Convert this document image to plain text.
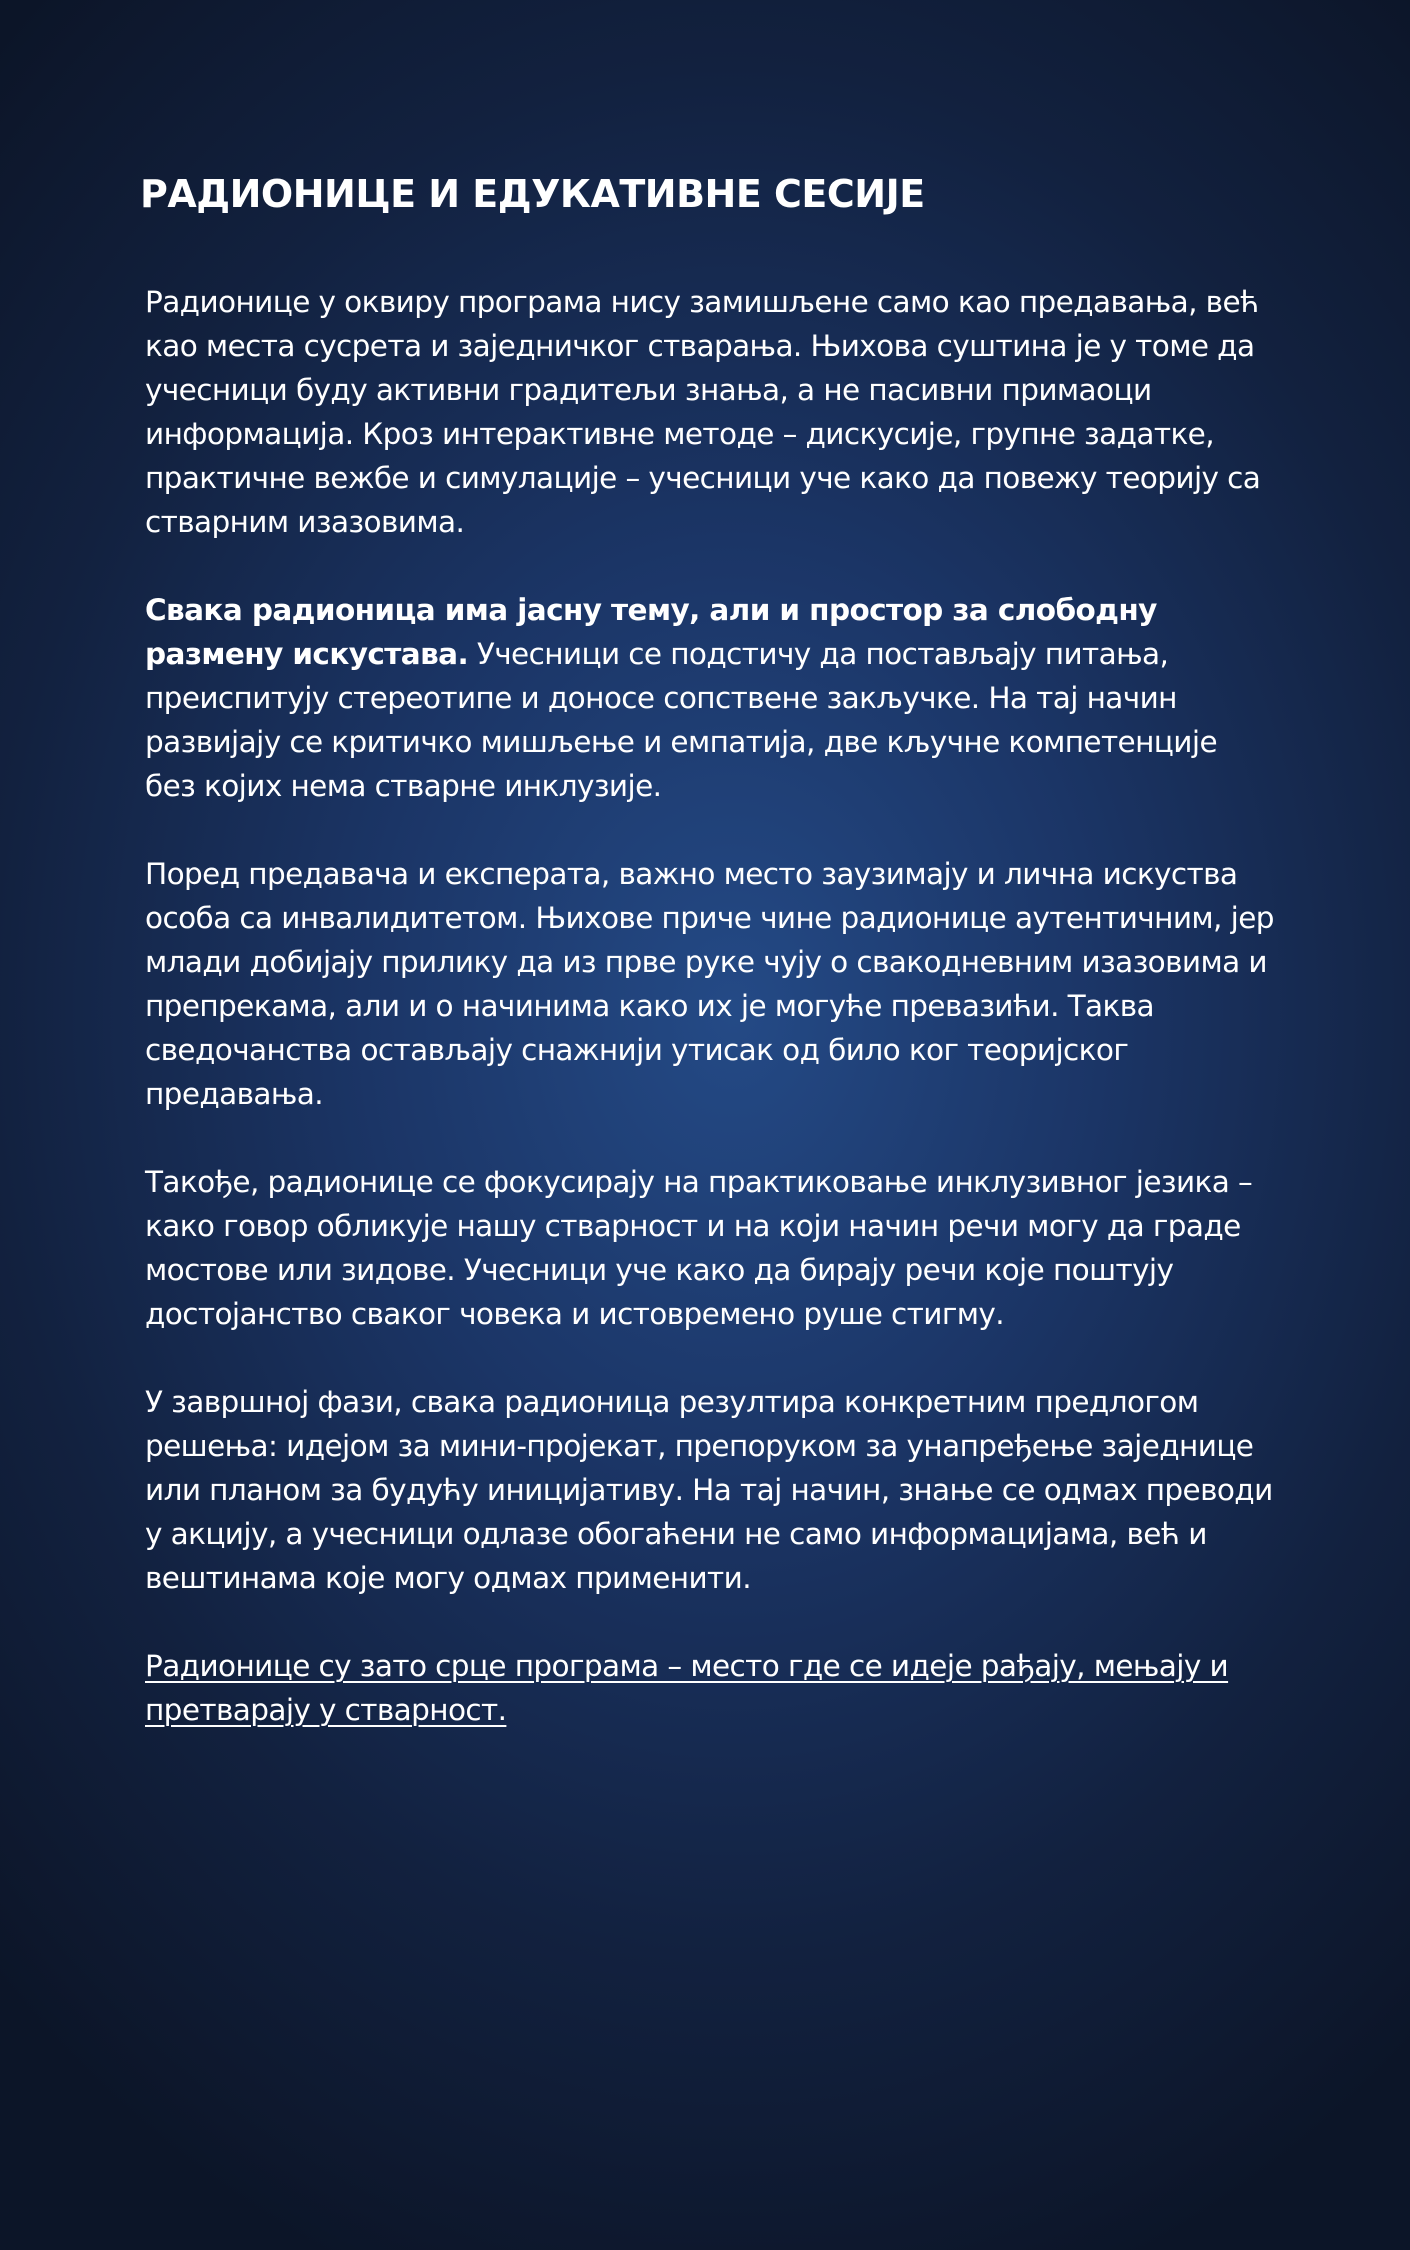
РАДИОНИЦЕ И ЕДУКАТИВНЕ СЕСИЈЕ

Радионице у оквиру програма нису замишљене само као предавања, већ као места сусрета и заједничког стварања. Њихова суштина је у томе да учесници буду активни градитељи знања, а не пасивни примаоци информација. Кроз интерактивне методе – дискусије, групне задатке, практичне вежбе и симулације – учесници уче како да повежу теорију са стварним изазовима.

Свака радионица има јасну тему, али и простор за слободну размену искустава. Учесници се подстичу да постављају питања, преиспитују стереотипе и доносе сопствене закључке. На тај начин развијају се критичко мишљење и емпатија, две кључне компетенције без којих нема стварне инклузије.

Поред предавача и експерата, важно место заузимају и лична искуства особа са инвалидитетом. Њихове приче чине радионице аутентичним, јер млади добијају прилику да из прве руке чују о свакодневним изазовима и препрекама, али и о начинима како их је могуће превазићи. Таква сведочанства остављају снажнији утисак од било ког теоријског предавања.

Такође, радионице се фокусирају на практиковање инклузивног језика – како говор обликује нашу стварност и на који начин речи могу да граде мостове или зидове. Учесници уче како да бирају речи које поштују достојанство сваког човека и истовремено руше стигму.

У завршној фази, свака радионица резултира конкретним предлогом решења: идејом за мини-пројекат, препоруком за унапређење заједнице или планом за будућу иницијативу. На тај начин, знање се одмах преводи у акцију, а учесници одлазе обогаћени не само информацијама, већ и вештинама које могу одмах применити.

Радионице су зато срце програма – место где се идеје рађају, мењају и претварају у стварност.
